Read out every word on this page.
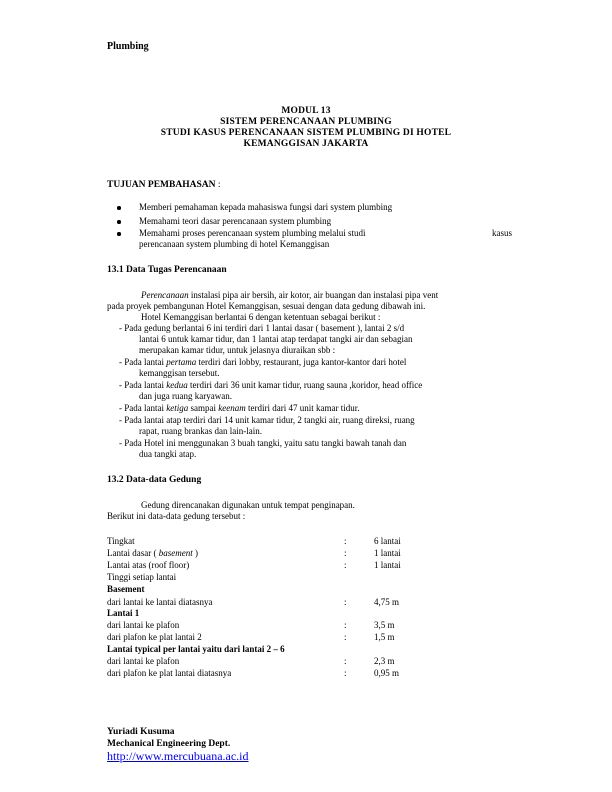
Plumbing
MODUL 13
SISTEM PERENCANAAN PLUMBING
STUDI KASUS PERENCANAAN SISTEM PLUMBING DI HOTEL
KEMANGGISAN JAKARTA
TUJUAN PEMBAHASAN :
Memberi pemahaman kepada mahasiswa fungsi dari system plumbing
Memahami teori dasar perencanaan system plumbing
Memahami proses perencanaan system plumbing melalui studi	kasus
perencanaan system plumbing di hotel Kemanggisan
13.1 Data Tugas Perencanaan
Perencanaan instalasi pipa air bersih, air kotor, air buangan dan instalasi pipa vent
pada proyek pembangunan Hotel Kemanggisan, sesuai dengan data gedung dibawah ini.
Hotel Kemanggisan berlantai 6 dengan ketentuan sebagai berikut :
- Pada gedung berlantai 6 ini terdiri dari 1 lantai dasar ( basement ), lantai 2 s/d
lantai 6 untuk kamar tidur, dan 1 lantai atap terdapat tangki air dan sebagian
merupakan kamar tidur, untuk jelasnya diuraikan sbb :
- Pada lantai pertama terdiri dari lobby, restaurant, juga kantor-kantor dari hotel
kemanggisan tersebut.
- Pada lantai kedua terdiri dari 36 unit kamar tidur, ruang sauna ,koridor, head office
dan juga ruang karyawan.
- Pada lantai ketiga sampai keenam terdiri dari 47 unit kamar tidur.
- Pada lantai atap terdiri dari 14 unit kamar tidur, 2 tangki air, ruang direksi, ruang
rapat, ruang brankas dan lain-lain.
- Pada Hotel ini menggunakan 3 buah tangki, yaitu satu tangki bawah tanah dan
dua tangki atap.
13.2 Data-data Gedung
Gedung direncanakan digunakan untuk tempat penginapan.
Berikut ini data-data gedung tersebut :
Tingkat	:	6 lantai
Lantai dasar ( basement )	:	1 lantai
Lantai atas (roof floor)	:	1 lantai
Tinggi setiap lantai
Basement
dari lantai ke lantai diatasnya	:	4,75 m
Lantai 1
dari lantai ke plafon	:	3,5 m
dari plafon ke plat lantai 2	:	1,5 m
Lantai typical per lantai yaitu dari lantai 2 – 6
dari lantai ke plafon	:	2,3 m
dari plafon ke plat lantai diatasnya	:	0,95 m
Yuriadi Kusuma
Mechanical Engineering Dept.
http://www.mercubuana.ac.id
